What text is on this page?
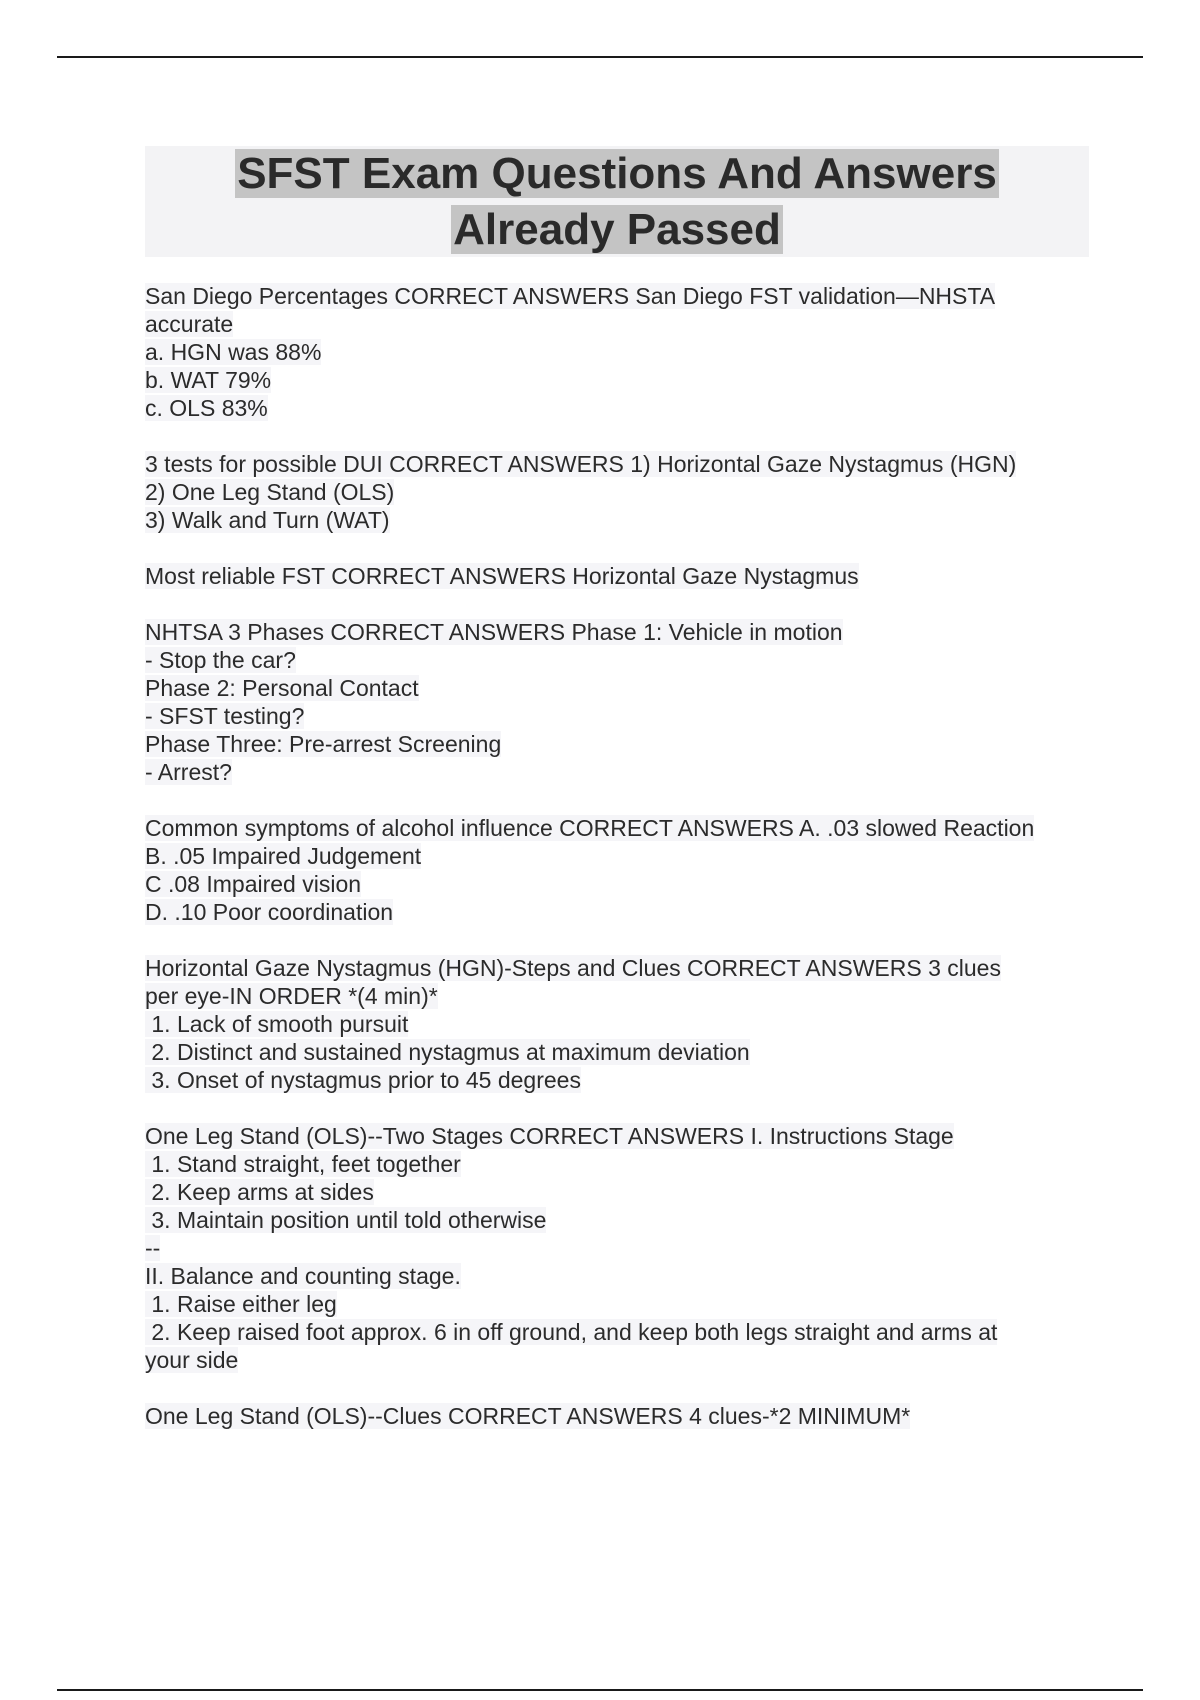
SFST Exam Questions And Answers
Already Passed
San Diego Percentages CORRECT ANSWERS San Diego FST validation—NHSTA
accurate
a. HGN was 88%
b. WAT 79%
c. OLS 83%
3 tests for possible DUI CORRECT ANSWERS 1) Horizontal Gaze Nystagmus (HGN)
2) One Leg Stand (OLS)
3) Walk and Turn (WAT)
Most reliable FST CORRECT ANSWERS Horizontal Gaze Nystagmus
NHTSA 3 Phases CORRECT ANSWERS Phase 1: Vehicle in motion
- Stop the car?
Phase 2: Personal Contact
- SFST testing?
Phase Three: Pre-arrest Screening
- Arrest?
Common symptoms of alcohol influence CORRECT ANSWERS A. .03 slowed Reaction
B. .05 Impaired Judgement
C .08 Impaired vision
D. .10 Poor coordination
Horizontal Gaze Nystagmus (HGN)-Steps and Clues CORRECT ANSWERS 3 clues
per eye-IN ORDER *(4 min)*
1. Lack of smooth pursuit
2. Distinct and sustained nystagmus at maximum deviation
3. Onset of nystagmus prior to 45 degrees
One Leg Stand (OLS)--Two Stages CORRECT ANSWERS I. Instructions Stage
1. Stand straight, feet together
2. Keep arms at sides
3. Maintain position until told otherwise
--
II. Balance and counting stage.
1. Raise either leg
2. Keep raised foot approx. 6 in off ground, and keep both legs straight and arms at
your side
One Leg Stand (OLS)--Clues CORRECT ANSWERS 4 clues-*2 MINIMUM*
